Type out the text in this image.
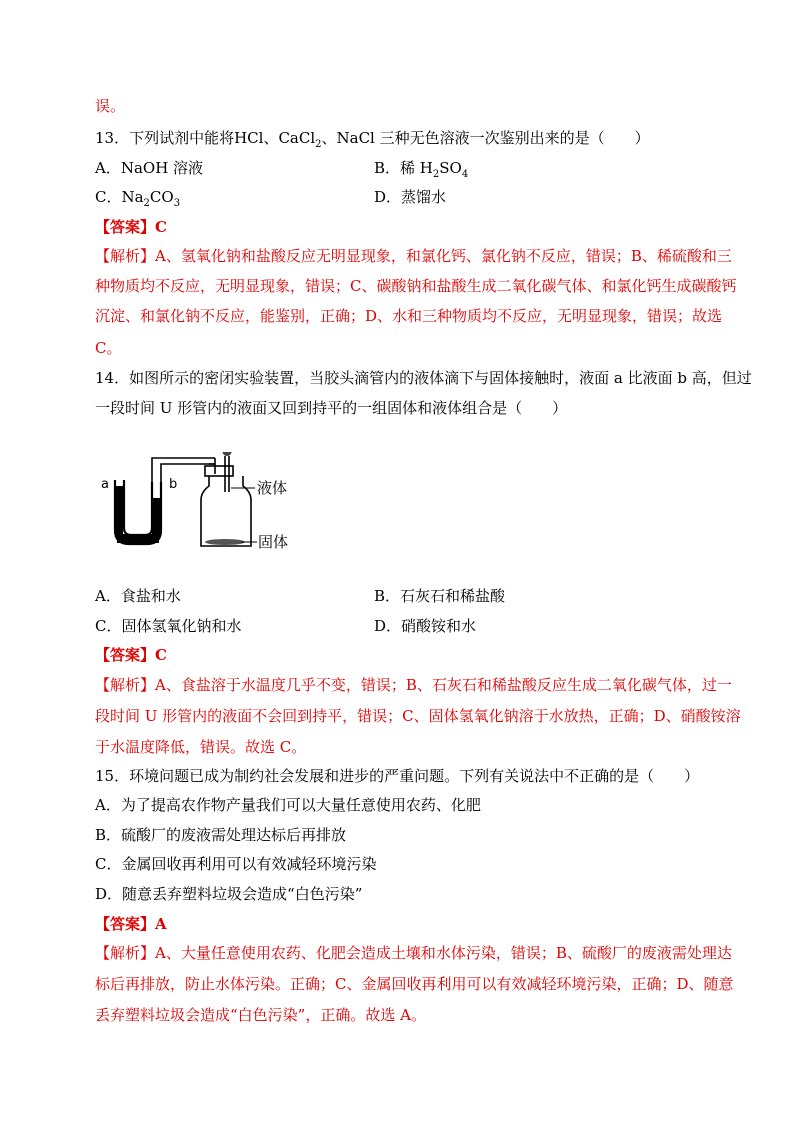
误。
13．下列试剂中能将HCl、CaCl$_2$、NaCl 三种无色溶液一次鉴别出来的是（　　）
A．NaOH 溶液	B．稀 $H_2SO_4$
C．$Na_2CO_3$	D．蒸馏水
【答案】C
【解析】A、氢氧化钠和盐酸反应无明显现象，和氯化钙、氯化钠不反应，错误；B、稀硫酸和三
种物质均不反应，无明显现象，错误；C、碳酸钠和盐酸生成二氧化碳气体、和氯化钙生成碳酸钙
沉淀、和氯化钠不反应，能鉴别，正确；D、水和三种物质均不反应，无明显现象，错误；故选
C。
14．如图所示的密闭实验装置，当胶头滴管内的液体滴下与固体接触时，液面 a 比液面 b 高，但过
一段时间 U 形管内的液面又回到持平的一组固体和液体组合是（　　）
a	b	液体
固体
A．食盐和水	B．石灰石和稀盐酸
C．固体氢氧化钠和水	D．硝酸铵和水
【答案】C
【解析】A、食盐溶于水温度几乎不变，错误；B、石灰石和稀盐酸反应生成二氧化碳气体，过一
段时间 U 形管内的液面不会回到持平，错误；C、固体氢氧化钠溶于水放热，正确；D、硝酸铵溶
于水温度降低，错误。故选 C。
15．环境问题已成为制约社会发展和进步的严重问题。下列有关说法中不正确的是（　　）
A．为了提高农作物产量我们可以大量任意使用农药、化肥
B．硫酸厂的废液需处理达标后再排放
C．金属回收再利用可以有效减轻环境污染
D．随意丢弃塑料垃圾会造成“白色污染”
【答案】A
【解析】A、大量任意使用农药、化肥会造成土壤和水体污染，错误；B、硫酸厂的废液需处理达
标后再排放，防止水体污染。正确；C、金属回收再利用可以有效减轻环境污染，正确；D、随意
丢弃塑料垃圾会造成“白色污染”，正确。故选 A。
